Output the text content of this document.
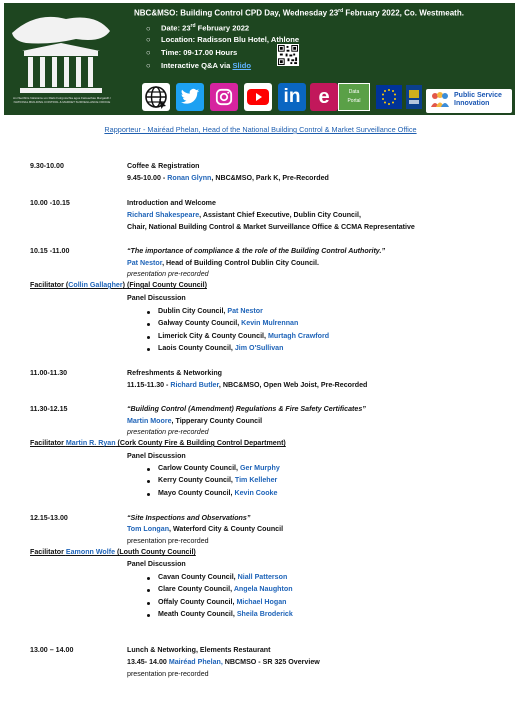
An tSeirbhís Náisiúnta um Rialú Foirgníochta agus Faireachas Margaidh / NATIONAL BUILDING CONTROL & MARKET SURVEILLANCE OFFICE
NBC&MSO: Building Control CPD Day, Wednesday 23rd February 2022, Co. Westmeath.
○ Date: 23rd February 2022
○ Location: Radisson Blu Hotel, Athlone
○ Time: 09-17.00 Hours
○ Interactive Q&A via Slido
in e	Data
Portal
Public Service
Innovation
Rapporteur - Mairéad Phelan, Head of the National Building Control & Market Surveillance Office
9.30-10.00	Coffee & Registration
9.45-10.00 - Ronan Glynn, NBC&MSO, Park K, Pre-Recorded
10.00 -10.15	Introduction and Welcome
Richard Shakespeare, Assistant Chief Executive, Dublin City Council,
Chair, National Building Control & Market Surveillance Office & CCMA Representative
10.15 -11.00	“The importance of compliance & the role of the Building Control Authority.”
Pat Nestor, Head of Building Control Dublin City Council.
presentation pre-recorded
Facilitator (Collin Gallagher) (Fingal County Council)
Panel Discussion
Dublin City Council, Pat Nestor
Galway County Council, Kevin Mulrennan
Limerick City & County Council, Murtagh Crawford
Laois County Council, Jim O'Sullivan
11.00-11.30	Refreshments & Networking
11.15-11.30 - Richard Butler, NBC&MSO, Open Web Joist, Pre-Recorded
11.30-12.15	“Building Control (Amendment) Regulations & Fire Safety Certificates”
Martin Moore, Tipperary County Council
presentation pre-recorded
Facilitator Martin R. Ryan (Cork County Fire & Building Control Department)
Panel Discussion
Carlow County Council, Ger Murphy
Kerry County Council, Tim Kelleher
Mayo County Council, Kevin Cooke
12.15-13.00	“Site Inspections and Observations”
Tom Longan, Waterford City & County Council
presentation pre-recorded
Facilitator Eamonn Wolfe (Louth County Council)
Panel Discussion
Cavan County Council, Niall Patterson
Clare County Council, Angela Naughton
Offaly County Council, Michael Hogan
Meath County Council, Sheila Broderick
13.00 – 14.00	Lunch & Networking, Elements Restaurant
13.45- 14.00 Mairéad Phelan, NBCMSO - SR 325 Overview
presentation pre-recorded
